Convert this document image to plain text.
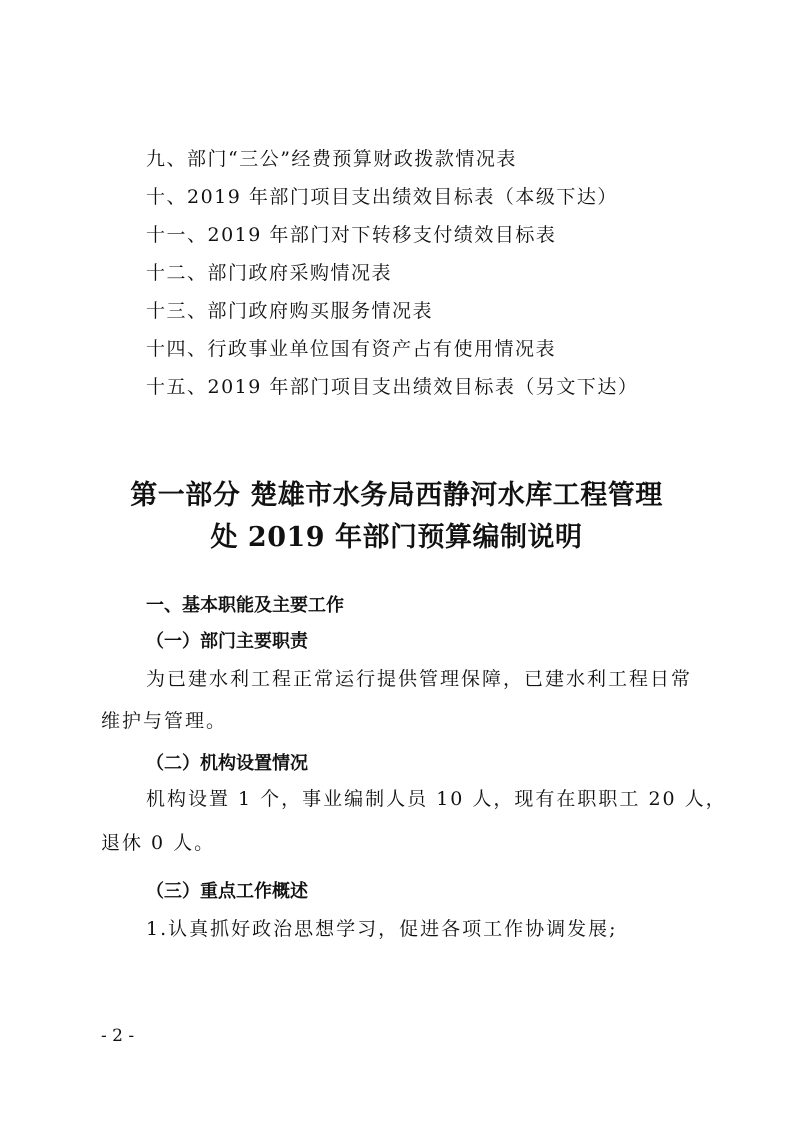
九、部门“三公”经费预算财政拨款情况表
十、2019 年部门项目支出绩效目标表（本级下达）
十一、2019 年部门对下转移支付绩效目标表
十二、部门政府采购情况表
十三、部门政府购买服务情况表
十四、行政事业单位国有资产占有使用情况表
十五、2019 年部门项目支出绩效目标表（另文下达）
第一部分 楚雄市水务局西静河水库工程管理
处 2019 年部门预算编制说明
一、基本职能及主要工作
（一）部门主要职责
为已建水利工程正常运行提供管理保障，已建水利工程日常
维护与管理。
（二）机构设置情况
机构设置 1 个，事业编制人员 10 人，现有在职职工 20 人，
退休 0 人。
（三）重点工作概述
1.认真抓好政治思想学习，促进各项工作协调发展;
- 2 -
